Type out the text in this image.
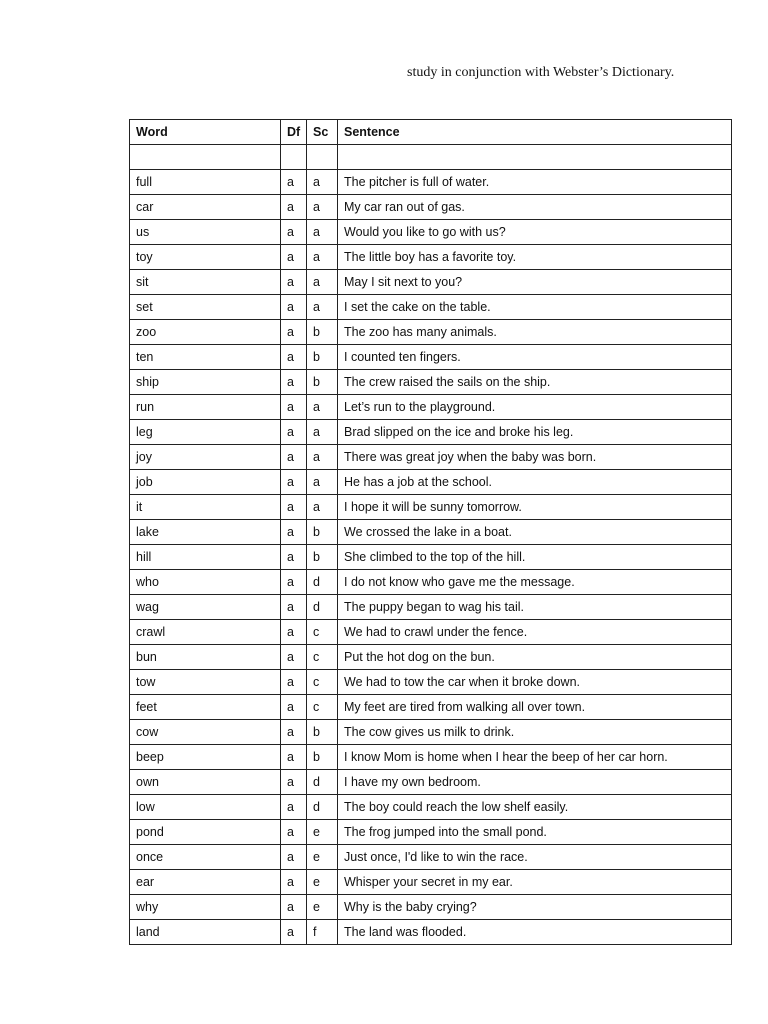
study in conjunction with Webster’s Dictionary.

Word	Df	Sc	Sentence

full	a	a	The pitcher is full of water.
car	a	a	My car ran out of gas.
us	a	a	Would you like to go with us?
toy	a	a	The little boy has a favorite toy.
sit	a	a	May I sit next to you?
set	a	a	I set the cake on the table.
zoo	a	b	The zoo has many animals.
ten	a	b	I counted ten fingers.
ship	a	b	The crew raised the sails on the ship.
run	a	a	Let’s run to the playground.
leg	a	a	Brad slipped on the ice and broke his leg.
joy	a	a	There was great joy when the baby was born.
job	a	a	He has a job at the school.
it	a	a	I hope it will be sunny tomorrow.
lake	a	b	We crossed the lake in a boat.
hill	a	b	She climbed to the top of the hill.
who	a	d	I do not know who gave me the message.
wag	a	d	The puppy began to wag his tail.
crawl	a	c	We had to crawl under the fence.
bun	a	c	Put the hot dog on the bun.
tow	a	c	We had to tow the car when it broke down.
feet	a	c	My feet are tired from walking all over town.
cow	a	b	The cow gives us milk to drink.
beep	a	b	I know Mom is home when I hear the beep of her car horn.
own	a	d	I have my own bedroom.
low	a	d	The boy could reach the low shelf easily.
pond	a	e	The frog jumped into the small pond.
once	a	e	Just once, I'd like to win the race.
ear	a	e	Whisper your secret in my ear.
why	a	e	Why is the baby crying?
land	a	f	The land was flooded.
